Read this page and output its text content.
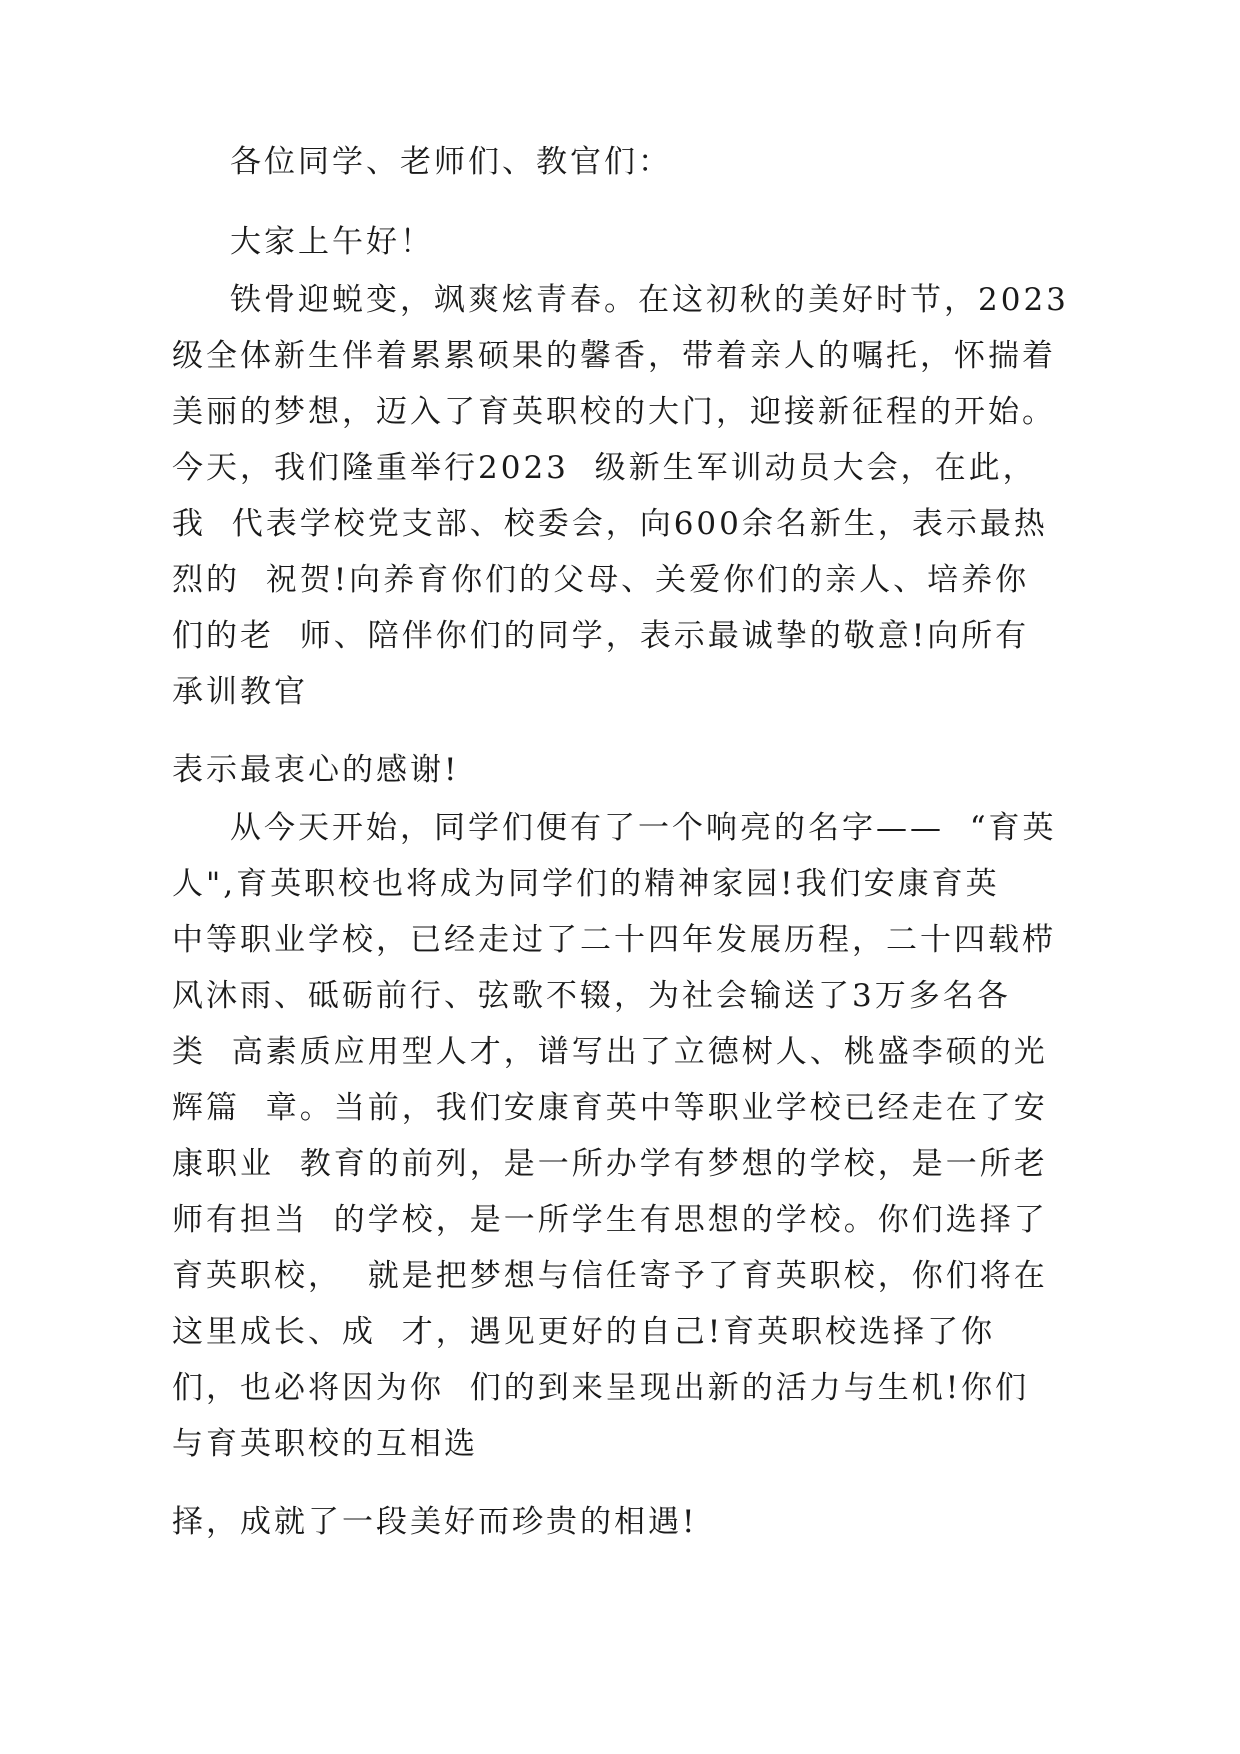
各位同学、老师们、教官们：

大家上午好！

铁骨迎蜕变，飒爽炫青春。在这初秋的美好时节，2023

级全体新生伴着累累硕果的馨香，带着亲人的嘱托，怀揣着

美丽的梦想，迈入了育英职校的大门，迎接新征程的开始。

今天，我们隆重举行2023  级新生军训动员大会，在此，

我  代表学校党支部、校委会，向600余名新生，表示最热

烈的  祝贺!向养育你们的父母、关爱你们的亲人、培养你

们的老  师、陪伴你们的同学，表示最诚挚的敬意!向所有

承训教官

表示最衷心的感谢!

从今天开始，同学们便有了一个响亮的名字——  “育英

人",育英职校也将成为同学们的精神家园!我们安康育英

中等职业学校，已经走过了二十四年发展历程，二十四载栉

风沐雨、砥砺前行、弦歌不辍，为社会输送了3万多名各

类  高素质应用型人才，谱写出了立德树人、桃盛李硕的光

辉篇  章。当前，我们安康育英中等职业学校已经走在了安

康职业  教育的前列，是一所办学有梦想的学校，是一所老

师有担当  的学校，是一所学生有思想的学校。你们选择了

育英职校，  就是把梦想与信任寄予了育英职校，你们将在

这里成长、成  才，遇见更好的自己!育英职校选择了你

们，也必将因为你  们的到来呈现出新的活力与生机!你们

与育英职校的互相选

择，成就了一段美好而珍贵的相遇!
